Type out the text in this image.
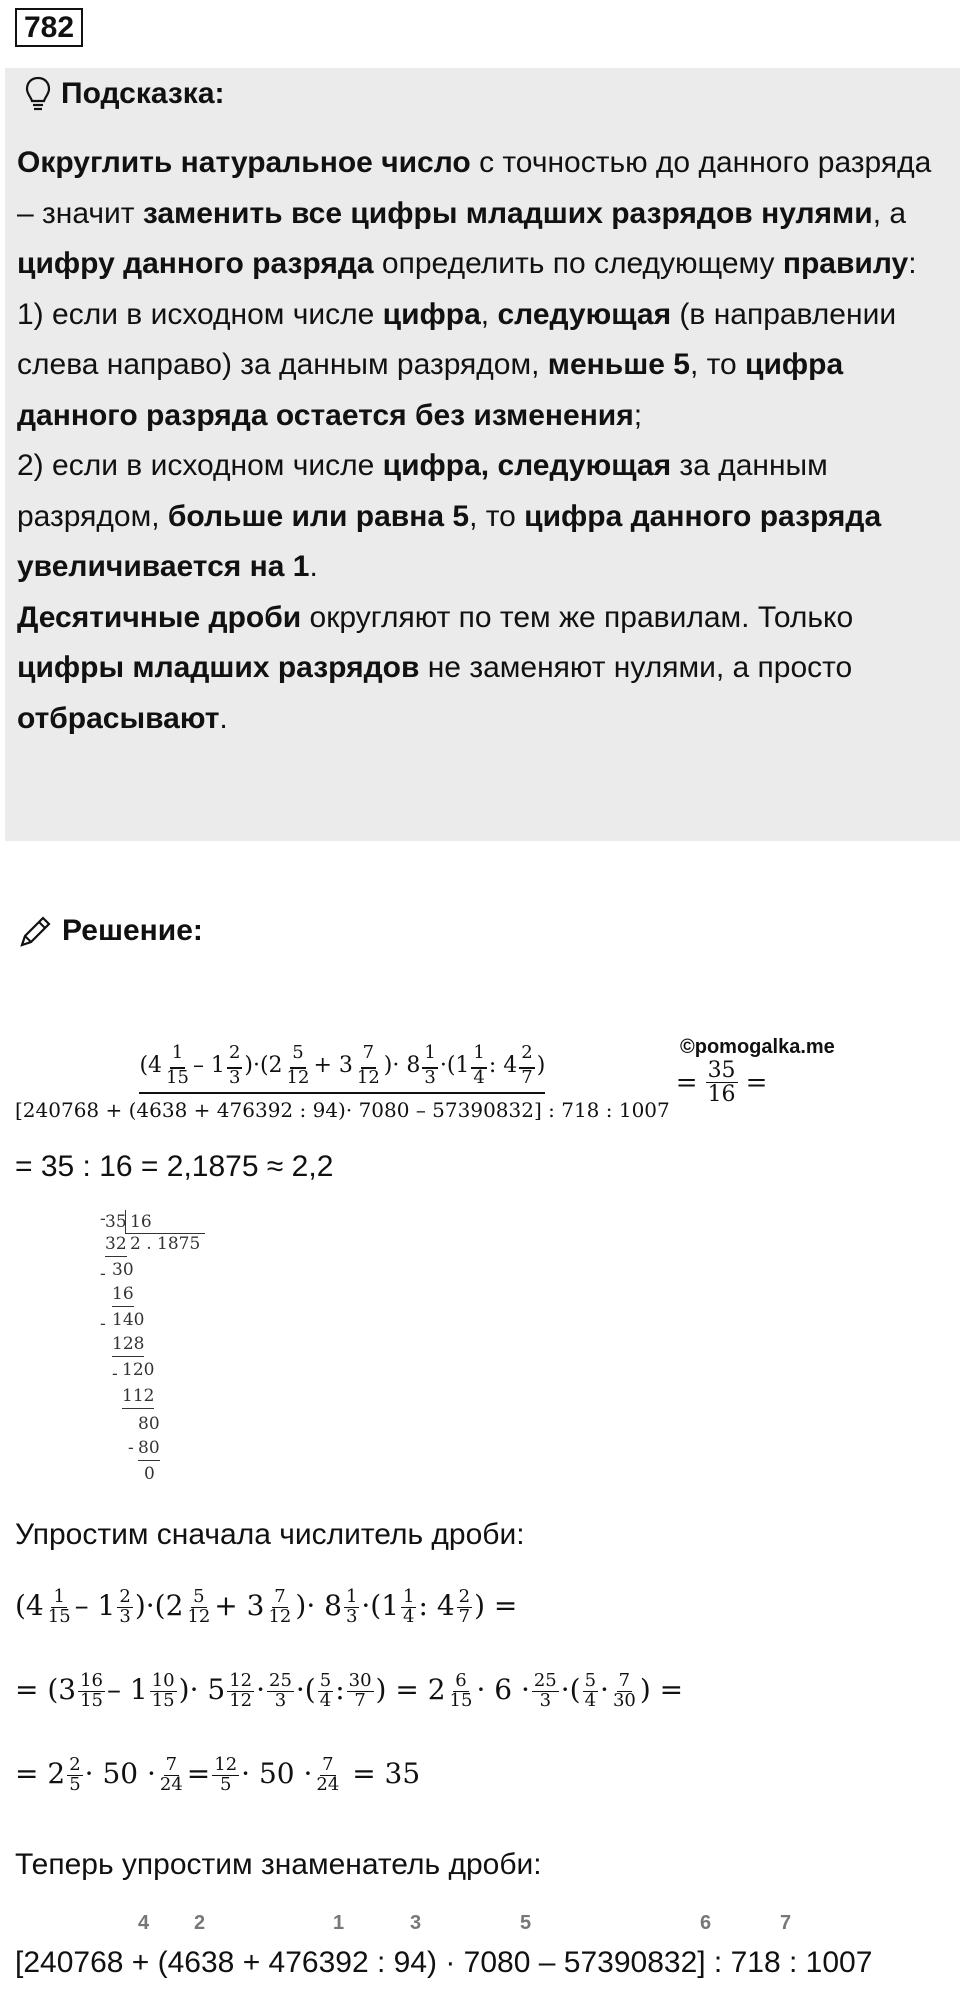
782
Подсказка:
Округлить натуральное число с точностью до данного разряда – значит заменить все цифры младших разрядов нулями, а цифру данного разряда определить по следующему правилу:
1) если в исходном числе цифра, следующая (в направлении слева направо) за данным разрядом, меньше 5, то цифра данного разряда остается без изменения;
2) если в исходном числе цифра, следующая за данным разрядом, больше или равна 5, то цифра данного разряда увеличивается на 1.
Десятичные дроби округляют по тем же правилам. Только цифры младших разрядов не заменяют нулями, а просто отбрасывают.
Решение:
©pomogalka.me
$(4 \frac{1}{15} - 1 \frac{2}{3} )\cdot(2 \frac{5}{12} + 3 \frac{7}{12}$ )· $8 \frac{1}{3} \cdot(1 \frac{1}{4}$ : $4 \frac{2}{7}$ )
[240768 + (4638 + 476392 : 94)· 7080 – 57390832] : 718 : 1007
= $\frac{35}{16}$ =
= 35 : 16 = 2,1875 ≈ 2,2
- 35 16
32 2 . 1875
- 30
16
- 140
128
- 120
112
80
- 80
0
Упростим сначала числитель дроби:
$(4 \frac{1}{15} - 1 \frac{2}{3} )\cdot(2 \frac{5}{12} + 3 \frac{7}{12}$ )· $8 \frac{1}{3} \cdot(1 \frac{1}{4}$ : $4 \frac{2}{7}$ ) =
= ($3 \frac{16}{15} - 1 \frac{10}{15}$ )· $5 \frac{12}{12} \cdot \frac{25}{3}$ ·( $\frac{5}{4}$ : $\frac{30}{7}$ ) = $2 \frac{6}{15} \cdot 6 \cdot \frac{25}{3}$ ·( $\frac{5}{4} \cdot \frac{7}{30}$ ) =
= $2 \frac{2}{5} \cdot 50 \cdot \frac{7}{24} = \frac{12}{5} \cdot 50 \cdot \frac{7}{24} = 35$
Теперь упростим знаменатель дроби:
4 2	1	3	5	6	7
[240768 + (4638 + 476392 : 94) · 7080 – 57390832] : 718 : 1007
